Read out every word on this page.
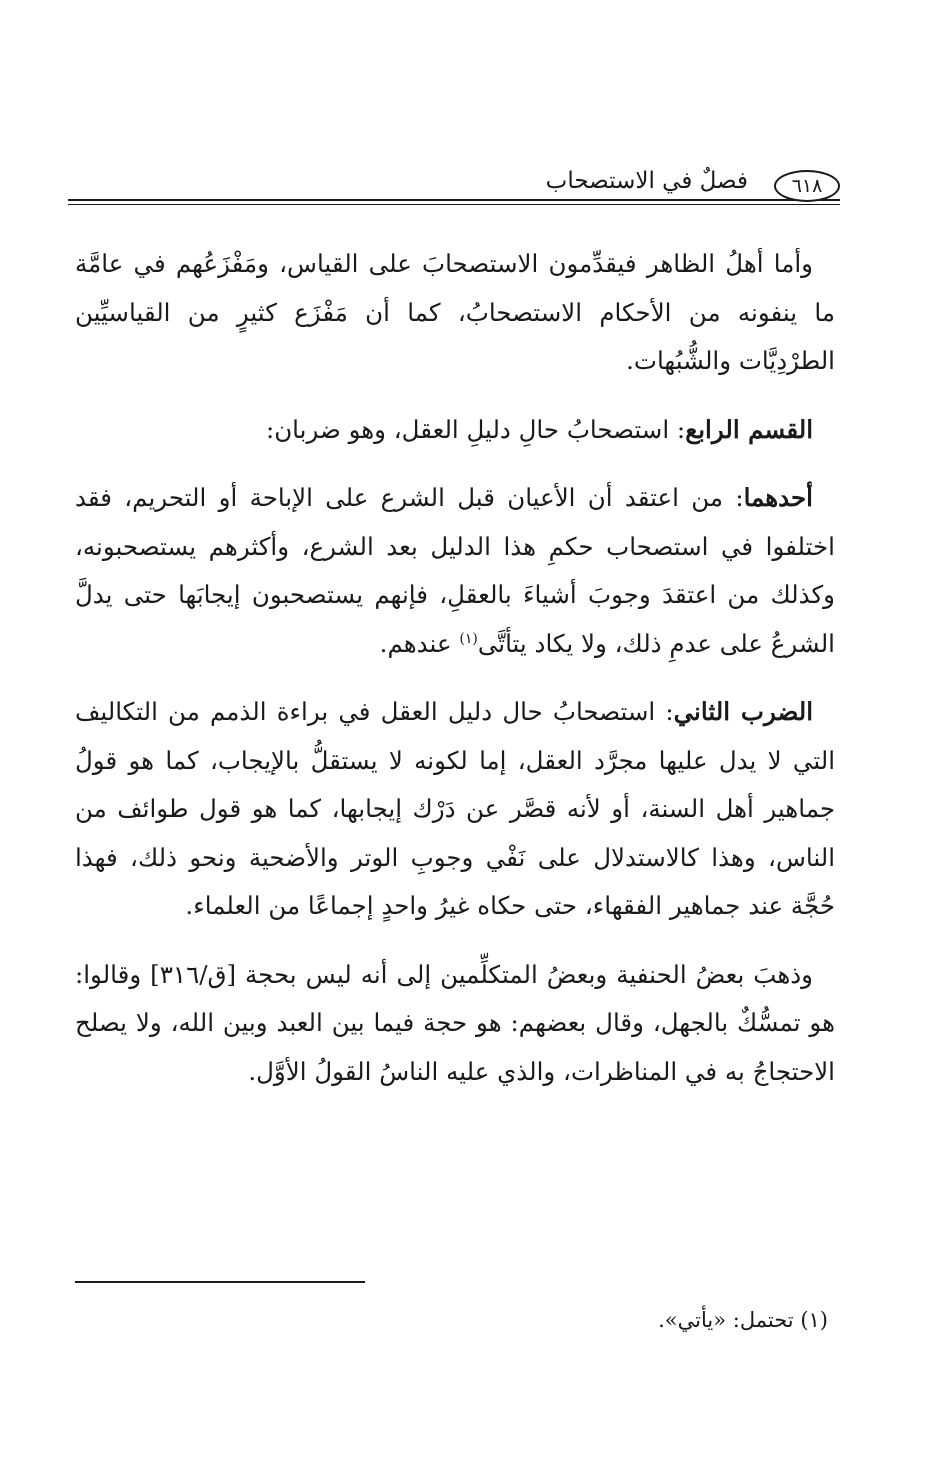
٦١٨
فصلٌ في الاستصحاب

وأما أهلُ الظاهر فيقدِّمون الاستصحابَ على القياس، ومَفْزَعُهم في عامَّة ما ينفونه من الأحكام الاستصحابُ، كما أن مَفْزَع كثيرٍ من القياسيِّين الطرْدِيَّات والشُّبُهات.

القسم الرابع: استصحابُ حالِ دليلِ العقل، وهو ضربان:

أحدهما: من اعتقد أن الأعيان قبل الشرع على الإباحة أو التحريم، فقد اختلفوا في استصحاب حكمِ هذا الدليل بعد الشرع، وأكثرهم يستصحبونه، وكذلك من اعتقدَ وجوبَ أشياءَ بالعقلِ، فإنهم يستصحبون إيجابَها حتى يدلَّ الشرعُ على عدمِ ذلك، ولا يكاد يتأتَّى$^{(١)}$ عندهم.

الضرب الثاني: استصحابُ حال دليل العقل في براءة الذمم من التكاليف التي لا يدل عليها مجرَّد العقل، إما لكونه لا يستقلُّ بالإيجاب، كما هو قولُ جماهير أهل السنة، أو لأنه قصَّر عن دَرْك إيجابها، كما هو قول طوائف من الناس، وهذا كالاستدلال على نَفْي وجوبِ الوتر والأضحية ونحو ذلك، فهذا حُجَّة عند جماهير الفقهاء، حتى حكاه غيرُ واحدٍ إجماعًا من العلماء.

وذهبَ بعضُ الحنفية وبعضُ المتكلِّمين إلى أنه ليس بحجة [ق/٣١٦] وقالوا: هو تمسُّكٌ بالجهل، وقال بعضهم: هو حجة فيما بين العبد وبين الله، ولا يصلح الاحتجاجُ به في المناظرات، والذي عليه الناسُ القولُ الأوَّل.

(١) تحتمل: «يأتي».
